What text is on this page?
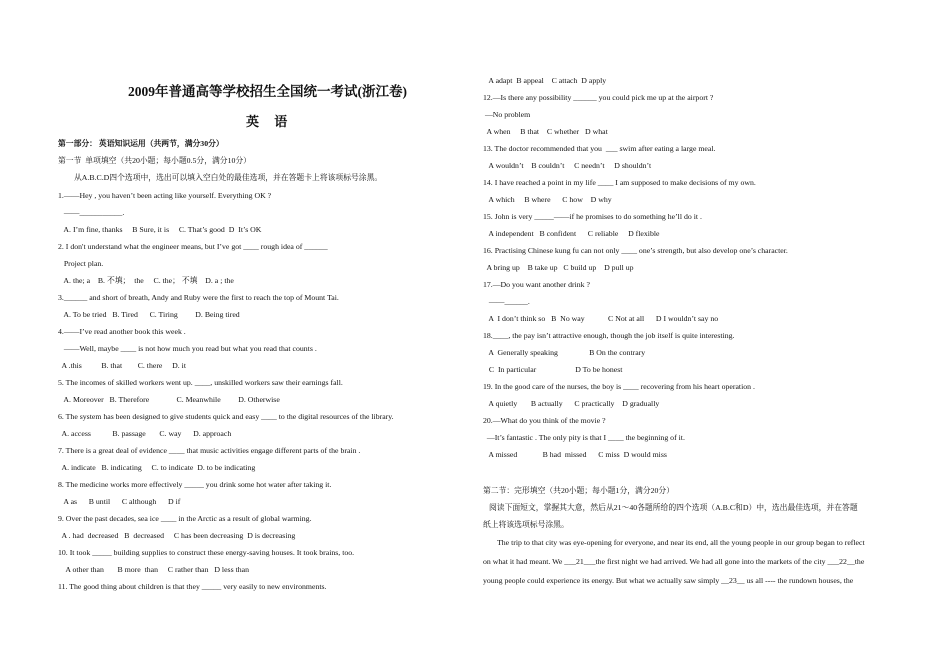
2009年普通高等学校招生全国统一考试(浙江卷)
英 语
第一部分： 英语知识运用（共两节，满分30分）
第一节  单项填空（共20小题；每小题0.5分，满分10分）
从A.B.C.D四个选项中，选出可以填入空白处的最佳选项，并在答题卡上将该项标号涂黑。
1.——Hey , you haven’t been acting like yourself. Everything OK ?
——___________.
A. I’m fine, thanks     B Sure, it is     C. That’s good  D  It’s OK
2. I don't understand what the engineer means, but I’ve got ____ rough idea of ______
Project plan.
A. the; a    B. 不填；  the     C. the； 不填    D. a ; the
3.______ and short of breath, Andy and Ruby were the first to reach the top of Mount Tai.
A. To be tried   B. Tired      C. Tiring         D. Being tired
4.——I’ve read another book this week .
——Well, maybe ____ is not how much you read but what you read that counts .
A .this          B. that        C. there     D. it
5. The incomes of skilled workers went up. ____, unskilled workers saw their earnings fall.
A. Moreover   B. Therefore              C. Meanwhile         D. Otherwise
6. The system has been designed to give students quick and easy ____ to the digital resources of the library.
A. access           B. passage       C. way      D. approach
7. There is a great deal of evidence ____ that music activities engage different parts of the brain .
A. indicate   B. indicating     C. to indicate  D. to be indicating
8. The medicine works more effectively _____ you drink some hot water after taking it.
A as      B until      C although      D if
9. Over the past decades, sea ice ____ in the Arctic as a result of global warming.
A . had  decreased   B  decreased     C has been decreasing  D is decreasing
10. It took _____ building supplies to construct these energy-saving houses. It took brains, too.
A other than       B more  than     C rather than   D less than
11. The good thing about children is that they _____ very easily to new environments.
A adapt  B appeal    C attach  D apply
12.—Is there any possibility ______ you could pick me up at the airport ?
—No problem
A when     B that    C whether   D what
13. The doctor recommended that you  ___ swim after eating a large meal.
A wouldn’t    B couldn’t     C needn’t     D shouldn’t
14. I have reached a point in my life ____ I am supposed to make decisions of my own.
A which     B where      C how    D why
15. John is very _____——if he promises to do something he’ll do it .
A independent   B confident      C reliable     D flexible
16. Practising Chinese kung fu can not only ____ one’s strength, but also develop one’s character.
A bring up    B take up   C build up    D pull up
17.—Do you want another drink ?
——______.
A  I don’t think so   B  No way            C Not at all      D I wouldn’t say no
18.____, the pay isn’t attractive enough, though the job itself is quite interesting.
A  Generally speaking                B On the contrary
C  In particular                    D To be honest
19. In the good care of the nurses, the boy is ____ recovering from his heart operation .
A quietly       B actually      C practically    D gradually
20.—What do you think of the movie ?
—It’s fantastic . The only pity is that I ____ the beginning of it.
A missed             B had  missed      C miss  D would miss
第二节：完形填空（共20小题；每小题1分，满分20分）
阅读下面短文，掌握其大意，然后从21～40各题所给的四个选项（A.B.C和D）中，选出最佳选项，并在答题
纸上将该选项标号涂黑。
The trip to that city was eye-opening for everyone, and near its end, all the young people in our group began to reflect
on what it had meant. We ___21___the first night we had arrived. We had all gone into the markets of the city ___22__the
young people could experience its energy. But what we actually saw simply __23__ us all ---- the rundown houses, the
